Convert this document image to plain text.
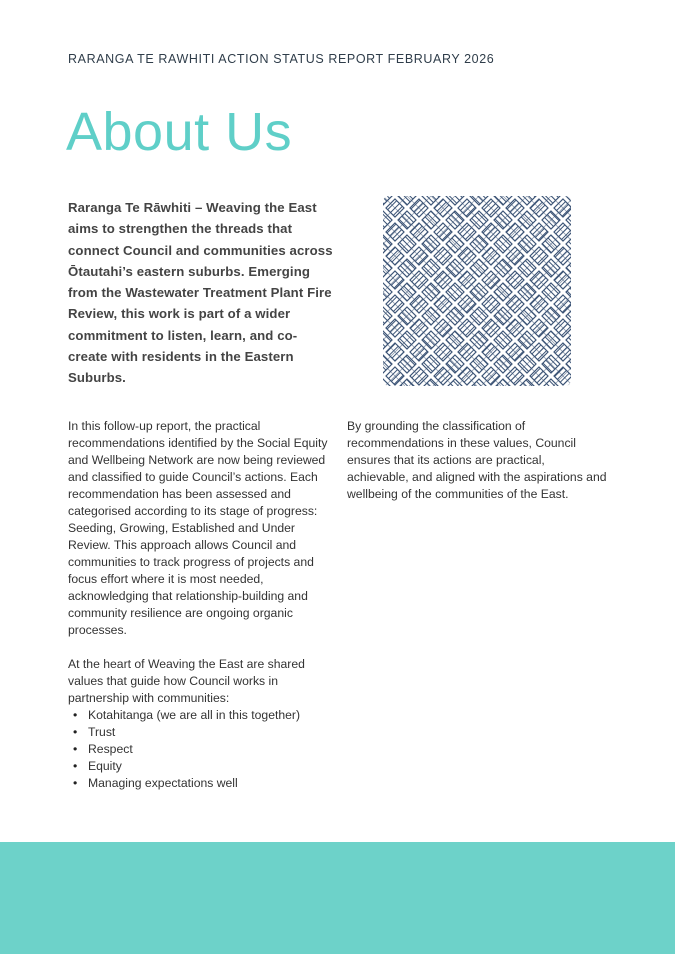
RARANGA TE RAWHITI ACTION STATUS REPORT FEBRUARY 2026
About Us
Raranga Te Rāwhiti – Weaving the East aims to strengthen the threads that connect Council and communities across Ōtautahi’s eastern suburbs. Emerging from the Wastewater Treatment Plant Fire Review, this work is part of a wider commitment to listen, learn, and co-create with residents in the Eastern Suburbs.

In this follow-up report, the practical recommendations identified by the Social Equity and Wellbeing Network are now being reviewed and classified to guide Council’s actions. Each recommendation has been assessed and categorised according to its stage of progress: Seeding, Growing, Established and Under Review. This approach allows Council and communities to track progress of projects and focus effort where it is most needed, acknowledging that relationship-building and community resilience are ongoing organic processes.

At the heart of Weaving the East are shared values that guide how Council works in partnership with communities:

• Kotahitanga (we are all in this together)
• Trust
• Respect
• Equity
• Managing expectations well

By grounding the classification of recommendations in these values, Council ensures that its actions are practical, achievable, and aligned with the aspirations and wellbeing of the communities of the East.
